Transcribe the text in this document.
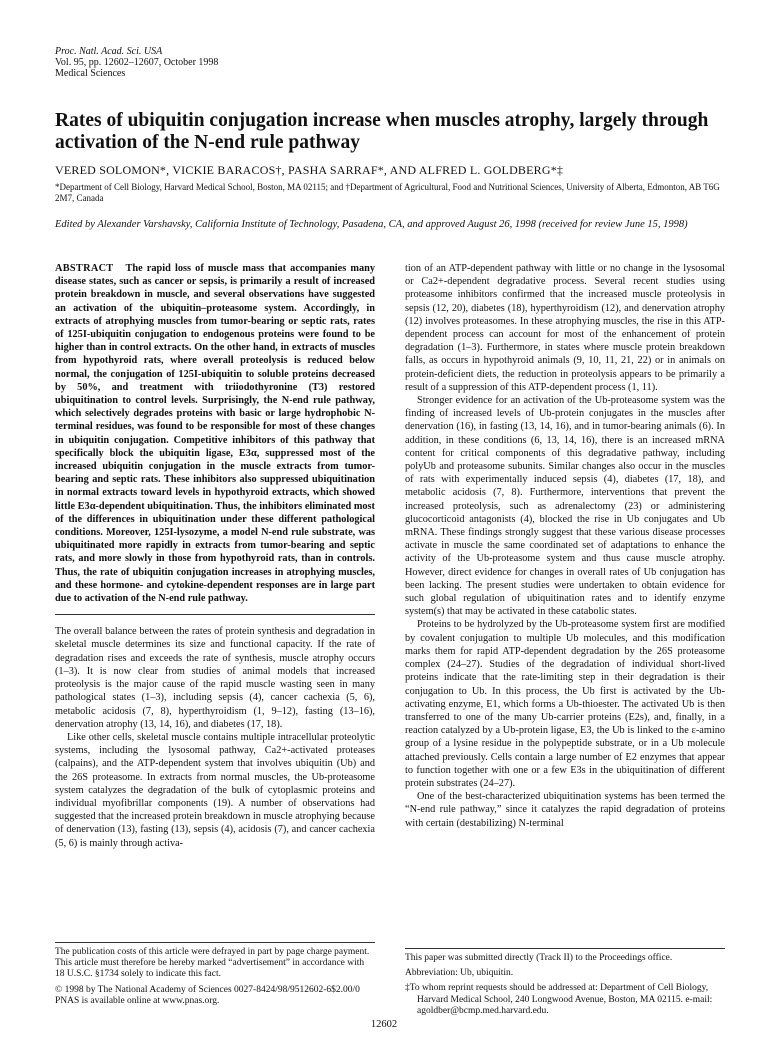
Proc. Natl. Acad. Sci. USA
Vol. 95, pp. 12602–12607, October 1998
Medical Sciences
Rates of ubiquitin conjugation increase when muscles atrophy, largely through activation of the N-end rule pathway
VERED SOLOMON*, VICKIE BARACOS†, PASHA SARRAF*, AND ALFRED L. GOLDBERG*‡
*Department of Cell Biology, Harvard Medical School, Boston, MA 02115; and †Department of Agricultural, Food and Nutritional Sciences, University of Alberta, Edmonton, AB T6G 2M7, Canada
Edited by Alexander Varshavsky, California Institute of Technology, Pasadena, CA, and approved August 26, 1998 (received for review June 15, 1998)

ABSTRACT The rapid loss of muscle mass that accompanies many disease states, such as cancer or sepsis, is primarily a result of increased protein breakdown in muscle, and several observations have suggested an activation of the ubiquitin–proteasome system. Accordingly, in extracts of atrophying muscles from tumor-bearing or septic rats, rates of 125I-ubiquitin conjugation to endogenous proteins were found to be higher than in control extracts. On the other hand, in extracts of muscles from hypothyroid rats, where overall proteolysis is reduced below normal, the conjugation of 125I-ubiquitin to soluble proteins decreased by 50%, and treatment with triiodothyronine (T3) restored ubiquitination to control levels. Surprisingly, the N-end rule pathway, which selectively degrades proteins with basic or large hydrophobic N-terminal residues, was found to be responsible for most of these changes in ubiquitin conjugation. Competitive inhibitors of this pathway that specifically block the ubiquitin ligase, E3α, suppressed most of the increased ubiquitin conjugation in the muscle extracts from tumor-bearing and septic rats. These inhibitors also suppressed ubiquitination in normal extracts toward levels in hypothyroid extracts, which showed little E3α-dependent ubiquitination. Thus, the inhibitors eliminated most of the differences in ubiquitination under these different pathological conditions. Moreover, 125I-lysozyme, a model N-end rule substrate, was ubiquitinated more rapidly in extracts from tumor-bearing and septic rats, and more slowly in those from hypothyroid rats, than in controls. Thus, the rate of ubiquitin conjugation increases in atrophying muscles, and these hormone- and cytokine-dependent responses are in large part due to activation of the N-end rule pathway.

The overall balance between the rates of protein synthesis and degradation in skeletal muscle determines its size and functional capacity. If the rate of degradation rises and exceeds the rate of synthesis, muscle atrophy occurs (1–3). It is now clear from studies of animal models that increased proteolysis is the major cause of the rapid muscle wasting seen in many pathological states (1–3), including sepsis (4), cancer cachexia (5, 6), metabolic acidosis (7, 8), hyperthyroidism (1, 9–12), fasting (13–16), denervation atrophy (13, 14, 16), and diabetes (17, 18).

Like other cells, skeletal muscle contains multiple intracellular proteolytic systems, including the lysosomal pathway, Ca2+-activated proteases (calpains), and the ATP-dependent system that involves ubiquitin (Ub) and the 26S proteasome. In extracts from normal muscles, the Ub-proteasome system catalyzes the degradation of the bulk of cytoplasmic proteins and individual myofibrillar components (19). A number of observations had suggested that the increased protein breakdown in muscle atrophying because of denervation (13), fasting (13), sepsis (4), acidosis (7), and cancer cachexia (5, 6) is mainly through activa-

tion of an ATP-dependent pathway with little or no change in the lysosomal or Ca2+-dependent degradative process. Several recent studies using proteasome inhibitors confirmed that the increased muscle proteolysis in sepsis (12, 20), diabetes (18), hyperthyroidism (12), and denervation atrophy (12) involves proteasomes. In these atrophying muscles, the rise in this ATP-dependent process can account for most of the enhancement of protein degradation (1–3). Furthermore, in states where muscle protein breakdown falls, as occurs in hypothyroid animals (9, 10, 11, 21, 22) or in animals on protein-deficient diets, the reduction in proteolysis appears to be primarily a result of a suppression of this ATP-dependent process (1, 11).

Stronger evidence for an activation of the Ub-proteasome system was the finding of increased levels of Ub-protein conjugates in the muscles after denervation (16), in fasting (13, 14, 16), and in tumor-bearing animals (6). In addition, in these conditions (6, 13, 14, 16), there is an increased mRNA content for critical components of this degradative pathway, including polyUb and proteasome subunits. Similar changes also occur in the muscles of rats with experimentally induced sepsis (4), diabetes (17, 18), and metabolic acidosis (7, 8). Furthermore, interventions that prevent the increased proteolysis, such as adrenalectomy (23) or administering glucocorticoid antagonists (4), blocked the rise in Ub conjugates and Ub mRNA. These findings strongly suggest that these various disease processes activate in muscle the same coordinated set of adaptations to enhance the activity of the Ub-proteasome system and thus cause muscle atrophy. However, direct evidence for changes in overall rates of Ub conjugation has been lacking. The present studies were undertaken to obtain evidence for such global regulation of ubiquitination rates and to identify enzyme system(s) that may be activated in these catabolic states.

Proteins to be hydrolyzed by the Ub-proteasome system first are modified by covalent conjugation to multiple Ub molecules, and this modification marks them for rapid ATP-dependent degradation by the 26S proteasome complex (24–27). Studies of the degradation of individual short-lived proteins indicate that the rate-limiting step in their degradation is their conjugation to Ub. In this process, the Ub first is activated by the Ub-activating enzyme, E1, which forms a Ub-thioester. The activated Ub is then transferred to one of the many Ub-carrier proteins (E2s), and, finally, in a reaction catalyzed by a Ub-protein ligase, E3, the Ub is linked to the ε-amino group of a lysine residue in the polypeptide substrate, or in a Ub molecule attached previously. Cells contain a large number of E2 enzymes that appear to function together with one or a few E3s in the ubiquitination of different protein substrates (24–27).

One of the best-characterized ubiquitination systems has been termed the “N-end rule pathway,” since it catalyzes the rapid degradation of proteins with certain (destabilizing) N-terminal

The publication costs of this article were defrayed in part by page charge payment. This article must therefore be hereby marked “advertisement” in accordance with 18 U.S.C. §1734 solely to indicate this fact.

© 1998 by The National Academy of Sciences 0027-8424/98/9512602-6$2.00/0 PNAS is available online at www.pnas.org.

This paper was submitted directly (Track II) to the Proceedings office.

Abbreviation: Ub, ubiquitin.

‡To whom reprint requests should be addressed at: Department of Cell Biology, Harvard Medical School, 240 Longwood Avenue, Boston, MA 02115. e-mail: agoldber@bcmp.med.harvard.edu.

12602
